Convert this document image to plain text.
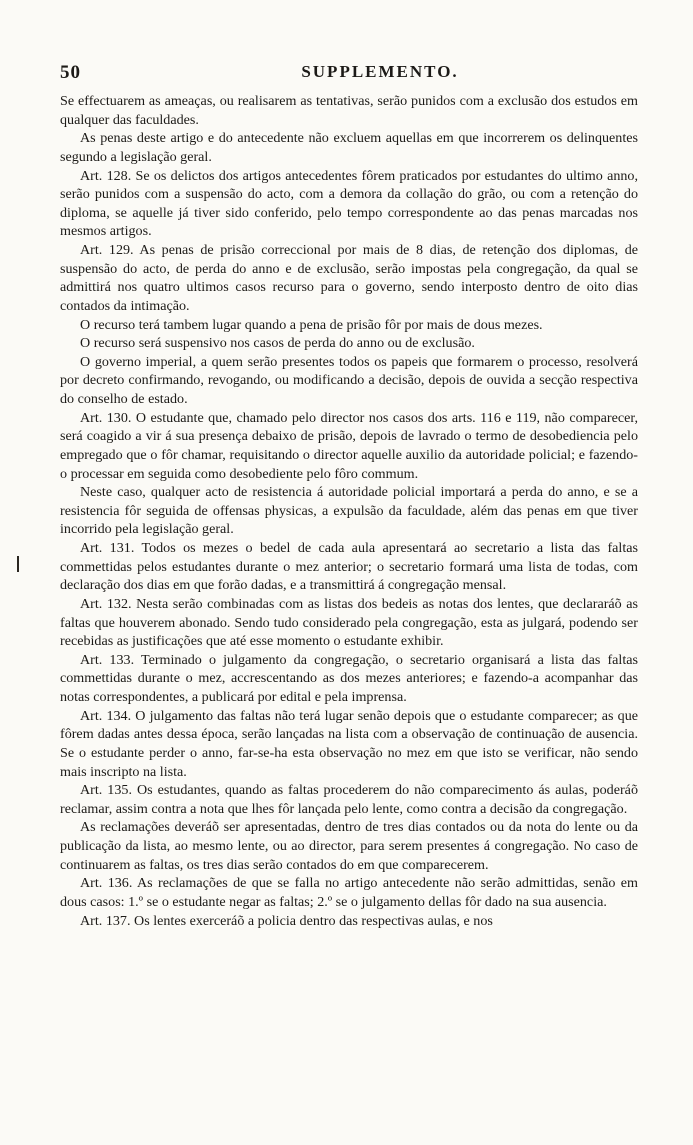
50	SUPPLEMENTO.

Se effectuarem as ameaças, ou realisarem as tentativas, serão punidos com a exclusão dos estudos em qualquer das faculdades.

As penas deste artigo e do antecedente não excluem aquellas em que incorrerem os delinquentes segundo a legislação geral.

Art. 128. Se os delictos dos artigos antecedentes fôrem praticados por estudantes do ultimo anno, serão punidos com a suspensão do acto, com a demora da collação do grão, ou com a retenção do diploma, se aquelle já tiver sido conferido, pelo tempo correspondente ao das penas marcadas nos mesmos artigos.

Art. 129. As penas de prisão correccional por mais de 8 dias, de retenção dos diplomas, de suspensão do acto, de perda do anno e de exclusão, serão impostas pela congregação, da qual se admittirá nos quatro ultimos casos recurso para o governo, sendo interposto dentro de oito dias contados da intimação.

O recurso terá tambem lugar quando a pena de prisão fôr por mais de dous mezes.

O recurso será suspensivo nos casos de perda do anno ou de exclusão.

O governo imperial, a quem serão presentes todos os papeis que formarem o processo, resolverá por decreto confirmando, revogando, ou modificando a decisão, depois de ouvida a secção respectiva do conselho de estado.

Art. 130. O estudante que, chamado pelo director nos casos dos arts. 116 e 119, não comparecer, será coagido a vir á sua presença debaixo de prisão, depois de lavrado o termo de desobediencia pelo empregado que o fôr chamar, requisitando o director aquelle auxilio da autoridade policial; e fazendo-o processar em seguida como desobediente pelo fôro commum.

Neste caso, qualquer acto de resistencia á autoridade policial importará a perda do anno, e se a resistencia fôr seguida de offensas physicas, a expulsão da faculdade, além das penas em que tiver incorrido pela legislação geral.

Art. 131. Todos os mezes o bedel de cada aula apresentará ao secretario a lista das faltas commettidas pelos estudantes durante o mez anterior; o secretario formará uma lista de todas, com declaração dos dias em que forão dadas, e a transmittirá á congregação mensal.

Art. 132. Nesta serão combinadas com as listas dos bedeis as notas dos lentes, que declararáõ as faltas que houverem abonado. Sendo tudo considerado pela congregação, esta as julgará, podendo ser recebidas as justificações que até esse momento o estudante exhibir.

Art. 133. Terminado o julgamento da congregação, o secretario organisará a lista das faltas commettidas durante o mez, accrescentando as dos mezes anteriores; e fazendo-a acompanhar das notas correspondentes, a publicará por edital e pela imprensa.

Art. 134. O julgamento das faltas não terá lugar senão depois que o estudante comparecer; as que fôrem dadas antes dessa época, serão lançadas na lista com a observação de continuação de ausencia. Se o estudante perder o anno, far-se-ha esta observação no mez em que isto se verificar, não sendo mais inscripto na lista.

Art. 135. Os estudantes, quando as faltas procederem do não comparecimento ás aulas, poderáõ reclamar, assim contra a nota que lhes fôr lançada pelo lente, como contra a decisão da congregação.

As reclamações deveráõ ser apresentadas, dentro de tres dias contados ou da nota do lente ou da publicação da lista, ao mesmo lente, ou ao director, para serem presentes á congregação. No caso de continuarem as faltas, os tres dias serão contados do em que comparecerem.

Art. 136. As reclamações de que se falla no artigo antecedente não serão admittidas, senão em dous casos: 1.º se o estudante negar as faltas; 2.º se o julgamento dellas fôr dado na sua ausencia.

Art. 137. Os lentes exerceráõ a policia dentro das respectivas aulas, e nos
